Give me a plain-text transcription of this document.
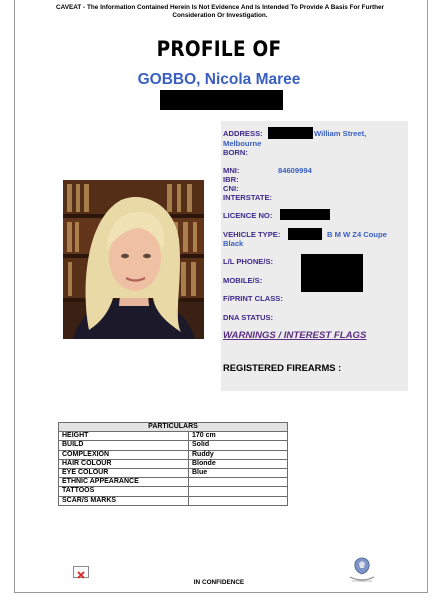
CAVEAT - The Information Contained Herein Is Not Evidence And Is Intended To Provide A Basis For Further Consideration Or Investigation.
PROFILE OF
GOBBO, Nicola Maree
ADDRESS:	William Street,
Melbourne
BORN:
MNI:	84609994
IBR:
CNI:
INTERSTATE:
LICENCE NO:
VEHICLE TYPE:	B M W Z4 Coupe
Black
L/L PHONE/S:
MOBILE/S:
F/PRINT CLASS:
DNA STATUS:
WARNINGS / INTEREST FLAGS
REGISTERED FIREARMS :
PARTICULARS	
HEIGHT	170 cm
BUILD	Solid
COMPLEXION	Ruddy
HAIR COLOUR	Blonde
EYE COLOUR	Blue
ETHNIC APPEARANCE	
TATTOOS	
SCAR/S MARKS	
IN CONFIDENCE
